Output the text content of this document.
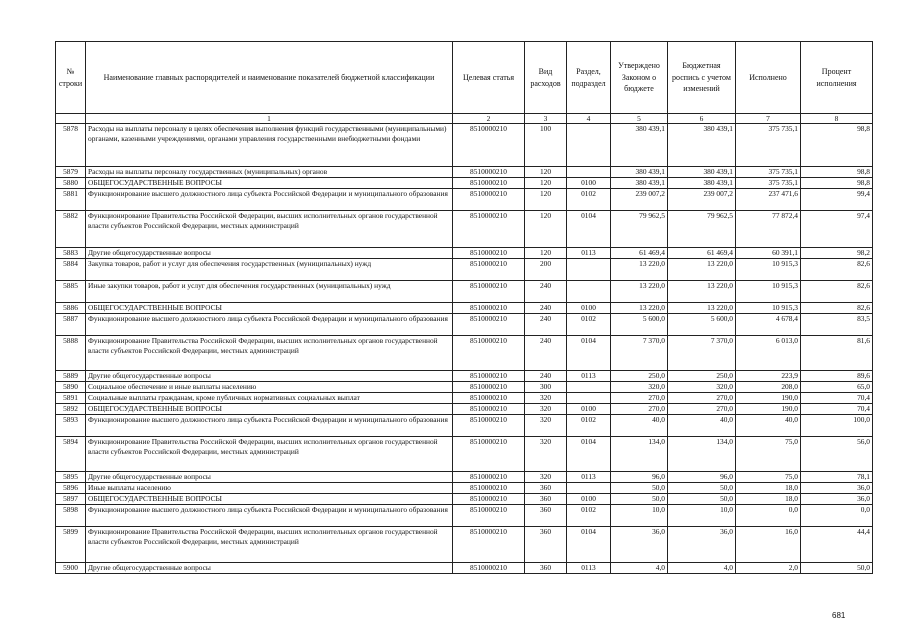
№ строки	Наименование главных распорядителей и наименование показателей бюджетной классификации	Целевая статья	Вид расходов	Раздел, подраздел	Утверждено Законом о бюджете	Бюджетная роспись с учетом изменений	Исполнено	Процент исполнения
	1	2	3	4	5	6	7	8
5878	Расходы на выплаты персоналу в целях обеспечения выполнения функций государственными (муниципальными) органами, казенными учреждениями, органами управления государственными внебюджетными фондами	8510000210	100		380 439,1	380 439,1	375 735,1	98,8
5879	Расходы на выплаты персоналу государственных (муниципальных) органов	8510000210	120		380 439,1	380 439,1	375 735,1	98,8
5880	ОБЩЕГОСУДАРСТВЕННЫЕ ВОПРОСЫ	8510000210	120	0100	380 439,1	380 439,1	375 735,1	98,8
5881	Функционирование высшего должностного лица субъекта Российской Федерации и муниципального образования	8510000210	120	0102	239 007,2	239 007,2	237 471,6	99,4
5882	Функционирование Правительства Российской Федерации, высших исполнительных органов государственной власти субъектов Российской Федерации, местных администраций	8510000210	120	0104	79 962,5	79 962,5	77 872,4	97,4
5883	Другие общегосударственные вопросы	8510000210	120	0113	61 469,4	61 469,4	60 391,1	98,2
5884	Закупка товаров, работ и услуг для обеспечения государственных (муниципальных) нужд	8510000210	200		13 220,0	13 220,0	10 915,3	82,6
5885	Иные закупки товаров, работ и услуг для обеспечения государственных (муниципальных) нужд	8510000210	240		13 220,0	13 220,0	10 915,3	82,6
5886	ОБЩЕГОСУДАРСТВЕННЫЕ ВОПРОСЫ	8510000210	240	0100	13 220,0	13 220,0	10 915,3	82,6
5887	Функционирование высшего должностного лица субъекта Российской Федерации и муниципального образования	8510000210	240	0102	5 600,0	5 600,0	4 678,4	83,5
5888	Функционирование Правительства Российской Федерации, высших исполнительных органов государственной власти субъектов Российской Федерации, местных администраций	8510000210	240	0104	7 370,0	7 370,0	6 013,0	81,6
5889	Другие общегосударственные вопросы	8510000210	240	0113	250,0	250,0	223,9	89,6
5890	Социальное обеспечение и иные выплаты населению	8510000210	300		320,0	320,0	208,0	65,0
5891	Социальные выплаты гражданам, кроме публичных нормативных социальных выплат	8510000210	320		270,0	270,0	190,0	70,4
5892	ОБЩЕГОСУДАРСТВЕННЫЕ ВОПРОСЫ	8510000210	320	0100	270,0	270,0	190,0	70,4
5893	Функционирование высшего должностного лица субъекта Российской Федерации и муниципального образования	8510000210	320	0102	40,0	40,0	40,0	100,0
5894	Функционирование Правительства Российской Федерации, высших исполнительных органов государственной власти субъектов Российской Федерации, местных администраций	8510000210	320	0104	134,0	134,0	75,0	56,0
5895	Другие общегосударственные вопросы	8510000210	320	0113	96,0	96,0	75,0	78,1
5896	Иные выплаты населению	8510000210	360		50,0	50,0	18,0	36,0
5897	ОБЩЕГОСУДАРСТВЕННЫЕ ВОПРОСЫ	8510000210	360	0100	50,0	50,0	18,0	36,0
5898	Функционирование высшего должностного лица субъекта Российской Федерации и муниципального образования	8510000210	360	0102	10,0	10,0	0,0	0,0
5899	Функционирование Правительства Российской Федерации, высших исполнительных органов государственной власти субъектов Российской Федерации, местных администраций	8510000210	360	0104	36,0	36,0	16,0	44,4
5900	Другие общегосударственные вопросы	8510000210	360	0113	4,0	4,0	2,0	50,0
681
